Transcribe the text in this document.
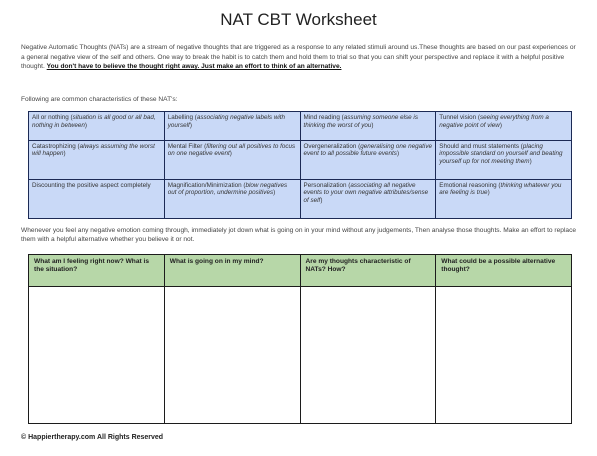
NAT CBT Worksheet
Negative Automatic Thoughts (NATs) are a stream of negative thoughts that are triggered as a response to any related stimuli around us.These thoughts are based on our past experiences or a general negative view of the self and others. One way to break the habit is to catch them and hold them to trial so that you can shift your perspective and replace it with a helpful positive thought. You don't have to believe the thought right away. Just make an effort to think of an alternative.
Following are common characteristics of these NAT's:
All or nothing (situation is all good or all bad, nothing in between)	Labelling (associating negative labels with yourself)	Mind reading (assuming someone else is thinking the worst of you)	Tunnel vision (seeing everything from a negative point of view)
Catastrophizing (always assuming the worst will happen)	Mental Filter (filtering out all positives to focus on one negative event)	Overgeneralization (generalising one negative event to all possible future events)	Should and must statements (placing impossible standard on yourself and beating yourself up for not meeting them)
Discounting the positive aspect completely	Magnification/Minimization (blow negatives out of proportion, undermine positives)	Personalization (associating all negative events to your own negative attributes/sense of self)	Emotional reasoning (thinking whatever you are feeling is true)
Whenever you feel any negative emotion coming through, immediately jot down what is going on in your mind without any judgements, Then analyse those thoughts. Make an effort to replace them with a helpful alternative whether you believe it or not.
What am I feeling right now? What is the situation?	What is going on in my mind?	Are my thoughts characteristic of NATs? How?	What could be a possible alternative thought?

© Happiertherapy.com All Rights Reserved
